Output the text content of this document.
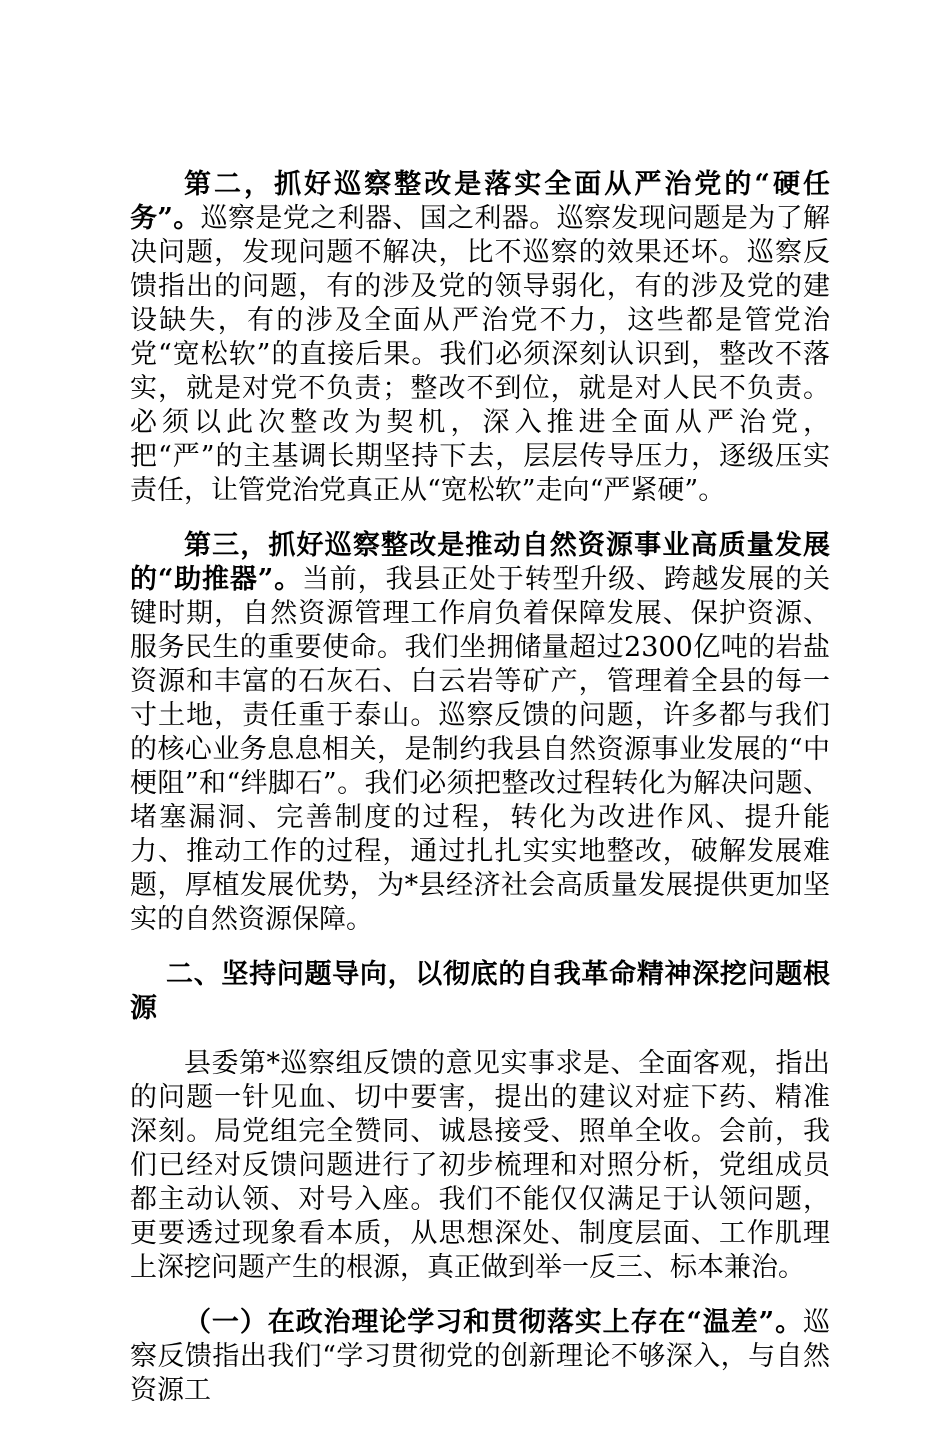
第二，抓好巡察整改是落实全面从严治党的“硬任务”。巡察是党之利器、国之利器。巡察发现问题是为了解决问题，发现问题不解决，比不巡察的效果还坏。巡察反馈指出的问题，有的涉及党的领导弱化，有的涉及党的建设缺失，有的涉及全面从严治党不力，这些都是管党治党“宽松软”的直接后果。我们必须深刻认识到，整改不落实，就是对党不负责；整改不到位，就是对人民不负责。必须以此次整改为契机，深入推进全面从严治党，把“严”的主基调长期坚持下去，层层传导压力，逐级压实责任，让管党治党真正从“宽松软”走向“严紧硬”。

第三，抓好巡察整改是推动自然资源事业高质量发展的“助推器”。当前，我县正处于转型升级、跨越发展的关键时期，自然资源管理工作肩负着保障发展、保护资源、服务民生的重要使命。我们坐拥储量超过2300亿吨的岩盐资源和丰富的石灰石、白云岩等矿产，管理着全县的每一寸土地，责任重于泰山。巡察反馈的问题，许多都与我们的核心业务息息相关，是制约我县自然资源事业发展的“中梗阻”和“绊脚石”。我们必须把整改过程转化为解决问题、堵塞漏洞、完善制度的过程，转化为改进作风、提升能力、推动工作的过程，通过扎扎实实地整改，破解发展难题，厚植发展优势，为*县经济社会高质量发展提供更加坚实的自然资源保障。

二、坚持问题导向，以彻底的自我革命精神深挖问题根源

县委第*巡察组反馈的意见实事求是、全面客观，指出的问题一针见血、切中要害，提出的建议对症下药、精准深刻。局党组完全赞同、诚恳接受、照单全收。会前，我们已经对反馈问题进行了初步梳理和对照分析，党组成员都主动认领、对号入座。我们不能仅仅满足于认领问题，更要透过现象看本质，从思想深处、制度层面、工作肌理上深挖问题产生的根源，真正做到举一反三、标本兼治。

（一）在政治理论学习和贯彻落实上存在“温差”。巡察反馈指出我们“学习贯彻党的创新理论不够深入，与自然资源工
